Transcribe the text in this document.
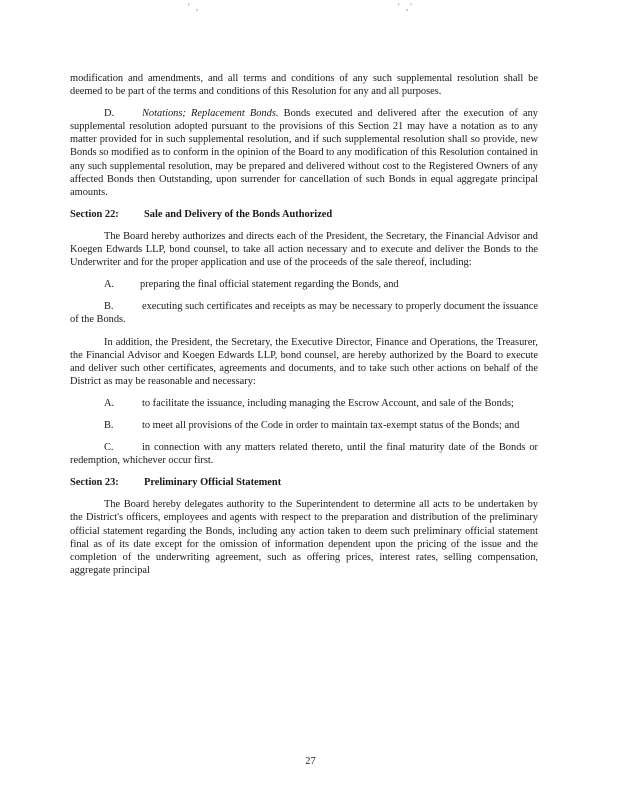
' ,	' ,'

modification and amendments, and all terms and conditions of any such supplemental resolution shall be deemed to be part of the terms and conditions of this Resolution for any and all purposes.

D.	Notations; Replacement Bonds. Bonds executed and delivered after the execution of any supplemental resolution adopted pursuant to the provisions of this Section 21 may have a notation as to any matter provided for in such supplemental resolution, and if such supplemental resolution shall so provide, new Bonds so modified as to conform in the opinion of the Board to any modification of this Resolution contained in any such supplemental resolution, may be prepared and delivered without cost to the Registered Owners of any affected Bonds then Outstanding, upon surrender for cancellation of such Bonds in equal aggregate principal amounts.

Section 22: Sale and Delivery of the Bonds Authorized

The Board hereby authorizes and directs each of the President, the Secretary, the Financial Advisor and Koegen Edwards LLP, bond counsel, to take all action necessary and to execute and deliver the Bonds to the Underwriter and for the proper application and use of the proceeds of the sale thereof, including:

A.	preparing the final official statement regarding the Bonds, and

B.	executing such certificates and receipts as may be necessary to properly document the issuance of the Bonds.

In addition, the President, the Secretary, the Executive Director, Finance and Operations, the Treasurer, the Financial Advisor and Koegen Edwards LLP, bond counsel, are hereby authorized by the Board to execute and deliver such other certificates, agreements and documents, and to take such other actions on behalf of the District as may be reasonable and necessary:

A.	to facilitate the issuance, including managing the Escrow Account, and sale of the Bonds;

B.	to meet all provisions of the Code in order to maintain tax-exempt status of the Bonds; and

C.	in connection with any matters related thereto, until the final maturity date of the Bonds or redemption, whichever occur first.

Section 23: Preliminary Official Statement

The Board hereby delegates authority to the Superintendent to determine all acts to be undertaken by the District's officers, employees and agents with respect to the preparation and distribution of the preliminary official statement regarding the Bonds, including any action taken to deem such preliminary official statement final as of its date except for the omission of information dependent upon the pricing of the issue and the completion of the underwriting agreement, such as offering prices, interest rates, selling compensation, aggregate principal

27
